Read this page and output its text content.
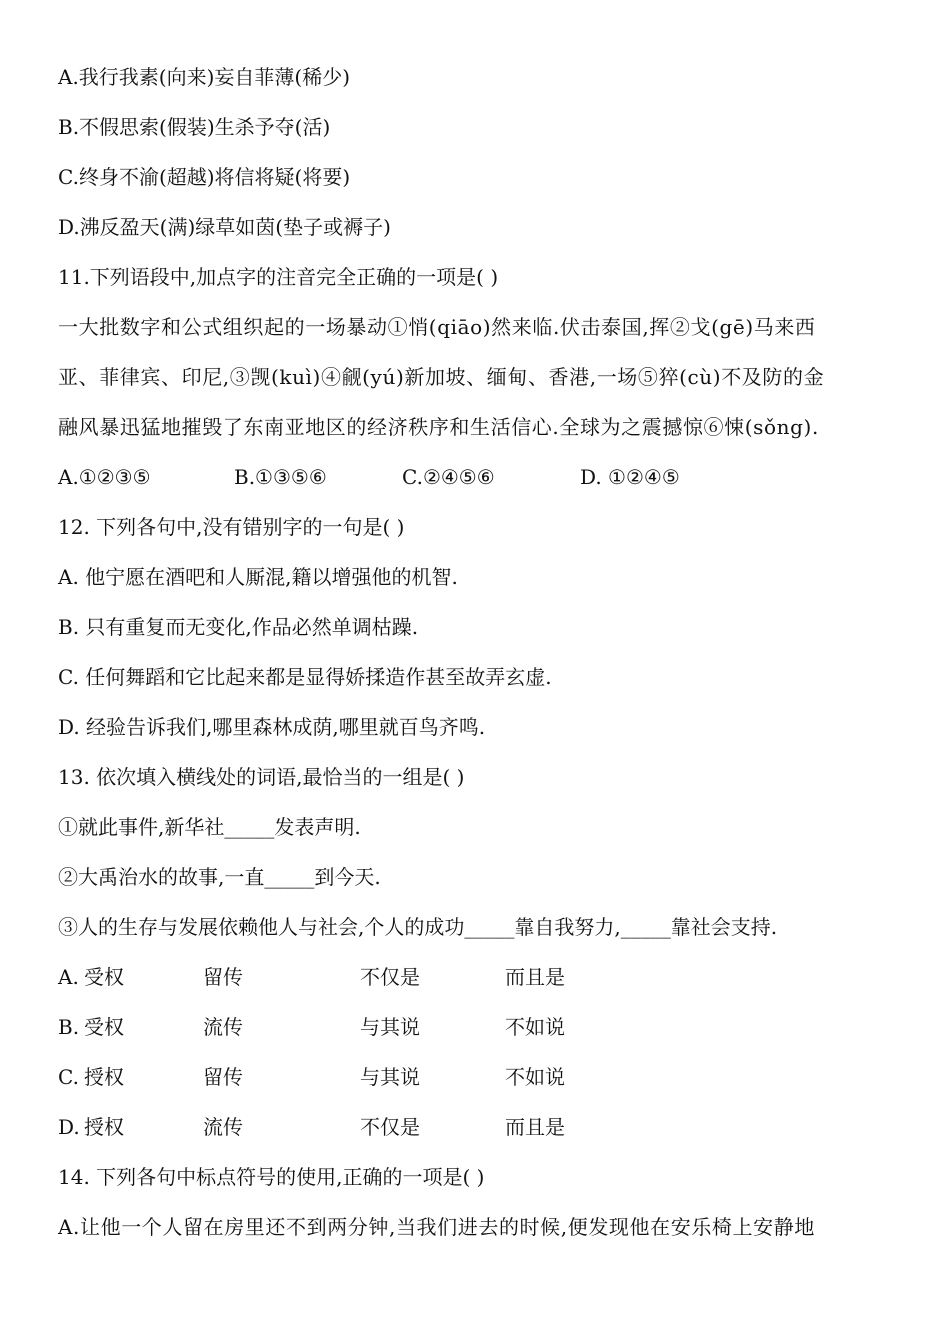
A.我行我素(向来)妄自菲薄(稀少)
B.不假思索(假装)生杀予夺(活)
C.终身不渝(超越)将信将疑(将要)
D.沸反盈天(满)绿草如茵(垫子或褥子)
11.下列语段中,加点字的注音完全正确的一项是( )
一大批数字和公式组织起的一场暴动①悄(qiāo)然来临.伏击泰国,挥②戈(gē)马来西
亚、菲律宾、印尼,③觊(kuì)④觎(yú)新加坡、缅甸、香港,一场⑤猝(cù)不及防的金
融风暴迅猛地摧毁了东南亚地区的经济秩序和生活信心.全球为之震撼惊⑥悚(sǒng).
A.①②③⑤	B.①③⑤⑥	C.②④⑤⑥	D. ①②④⑤
12. 下列各句中,没有错别字的一句是( )
A. 他宁愿在酒吧和人厮混,籍以增强他的机智.
B. 只有重复而无变化,作品必然单调枯躁.
C. 任何舞蹈和它比起来都是显得娇揉造作甚至故弄玄虚.
D. 经验告诉我们,哪里森林成荫,哪里就百鸟齐鸣.
13. 依次填入横线处的词语,最恰当的一组是( )
①就此事件,新华社_____发表声明.
②大禹治水的故事,一直_____到今天.
③人的生存与发展依赖他人与社会,个人的成功_____靠自我努力,_____靠社会支持.
A. 受权	留传	不仅是	而且是
B. 受权	流传	与其说	不如说
C. 授权	留传	与其说	不如说
D. 授权	流传	不仅是	而且是
14. 下列各句中标点符号的使用,正确的一项是( )
A.让他一个人留在房里还不到两分钟,当我们进去的时候,便发现他在安乐椅上安静地
